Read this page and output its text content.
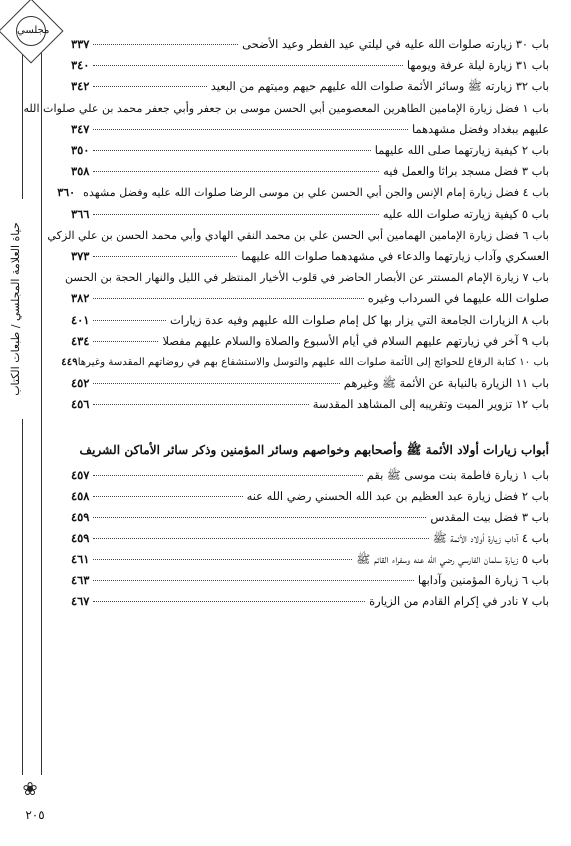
مجلسي
حياة العلامة المجلسي / طبعات الكتاب
❀
٢٠٥
باب ٣٠ زيارته صلوات الله عليه في ليلتي عيد الفطر وعيد الأضحى
٣٣٧
باب ٣١ زيارة ليلة عرفة ويومها
٣٤٠
باب ٣٢ زيارته ﷺ وسائر الأئمة صلوات الله عليهم حيهم وميتهم من البعيد
٣٤٢
باب ١ فضل زيارة الإمامين الطاهرين المعصومين أبي الحسن موسى بن جعفر وأبي جعفر محمد بن علي صلوات الله
عليهم ببغداد وفضل مشهدهما
٣٤٧
باب ٢ كيفية زيارتهما صلى الله عليهما
٣٥٠
باب ٣ فضل مسجد براثا والعمل فيه
٣٥٨
باب ٤ فضل زيارة إمام الإنس والجن أبي الحسن علي بن موسى الرضا صلوات الله عليه وفضل مشهده
٣٦٠
باب ٥ كيفية زيارته صلوات الله عليه
٣٦٦
باب ٦ فضل زيارة الإمامين الهمامين أبي الحسن علي بن محمد النقي الهادي وأبي محمد الحسن بن علي الزكي
العسكري وآداب زيارتهما والدعاء في مشهدهما صلوات الله عليهما
٣٧٣
باب ٧ زيارة الإمام المستتر عن الأبصار الحاضر في قلوب الأخيار المنتظر في الليل والنهار الحجة بن الحسن
صلوات الله عليهما في السرداب وغيره
٣٨٢
باب ٨ الزيارات الجامعة التي يزار بها كل إمام صلوات الله عليهم وفيه عدة زيارات
٤٠١
باب ٩ آخر في زيارتهم عليهم السلام في أيام الأسبوع والصلاة والسلام عليهم مفصلا
٤٣٤
باب ١٠ كتابة الرقاع للحوائج إلى الأئمة صلوات الله عليهم والتوسل والاستشفاع بهم في روضاتهم المقدسة وغيرها
٤٤٩
باب ١١ الزيارة بالنيابة عن الأئمة ﷺ وغيرهم
٤٥٢
باب ١٢ تزوير الميت وتقريبه إلى المشاهد المقدسة
٤٥٦
أبواب زيارات أولاد الأئمة ﷺ وأصحابهم وخواصهم وسائر المؤمنين وذكر سائر الأماكن الشريف
باب ١ زيارة فاطمة بنت موسى ﷺ بقم
٤٥٧
باب ٢ فضل زيارة عبد العظيم بن عبد الله الحسني رضي الله عنه
٤٥٨
باب ٣ فضل بيت المقدس
٤٥٩
باب ٤ آداب زيارة أولاد الأئمة ﷺ
٤٥٩
باب ٥ زيارة سلمان الفارسي رضي الله عنه وسفراء القائم ﷺ
٤٦١
باب ٦ زيارة المؤمنين وآدابها
٤٦٣
باب ٧ نادر في إكرام القادم من الزيارة
٤٦٧
